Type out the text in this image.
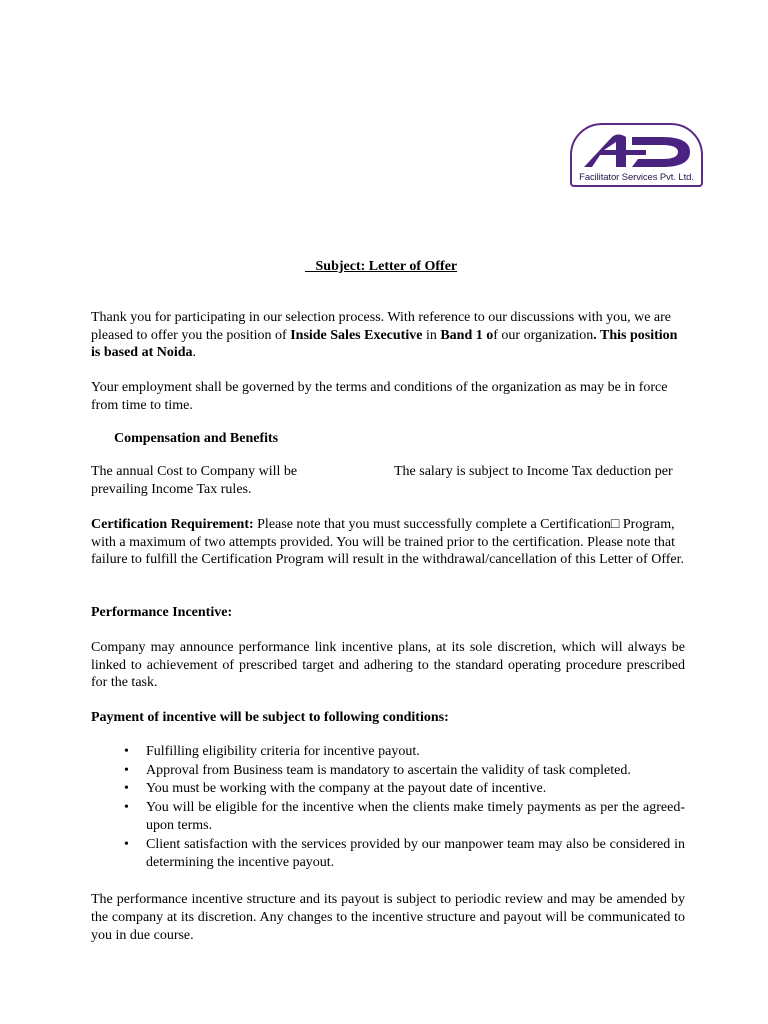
Facilitator Services Pvt. Ltd.
Subject: Letter of Offer
Thank you for participating in our selection process. With reference to our discussions with you, we are pleased to offer you the position of Inside Sales Executive in Band 1 of our organization. This position is based at Noida.
Your employment shall be governed by the terms and conditions of the organization as may be in force from time to time.
Compensation and Benefits
The annual Cost to Company will be	The salary is subject to Income Tax deduction per
prevailing Income Tax rules.
Certification Requirement: Please note that you must successfully complete a Certification□ Program, with a maximum of two attempts provided. You will be trained prior to the certification. Please note that failure to fulfill the Certification Program will result in the withdrawal/cancellation of this Letter of Offer.
Performance Incentive:
Company may announce performance link incentive plans, at its sole discretion, which will always be linked to achievement of prescribed target and adhering to the standard operating procedure prescribed for the task.
Payment of incentive will be subject to following conditions:
• Fulfilling eligibility criteria for incentive payout.
• Approval from Business team is mandatory to ascertain the validity of task completed.
• You must be working with the company at the payout date of incentive.
• You will be eligible for the incentive when the clients make timely payments as per the agreed-upon terms.
• Client satisfaction with the services provided by our manpower team may also be considered in determining the incentive payout.
The performance incentive structure and its payout is subject to periodic review and may be amended by the company at its discretion. Any changes to the incentive structure and payout will be communicated to you in due course.
